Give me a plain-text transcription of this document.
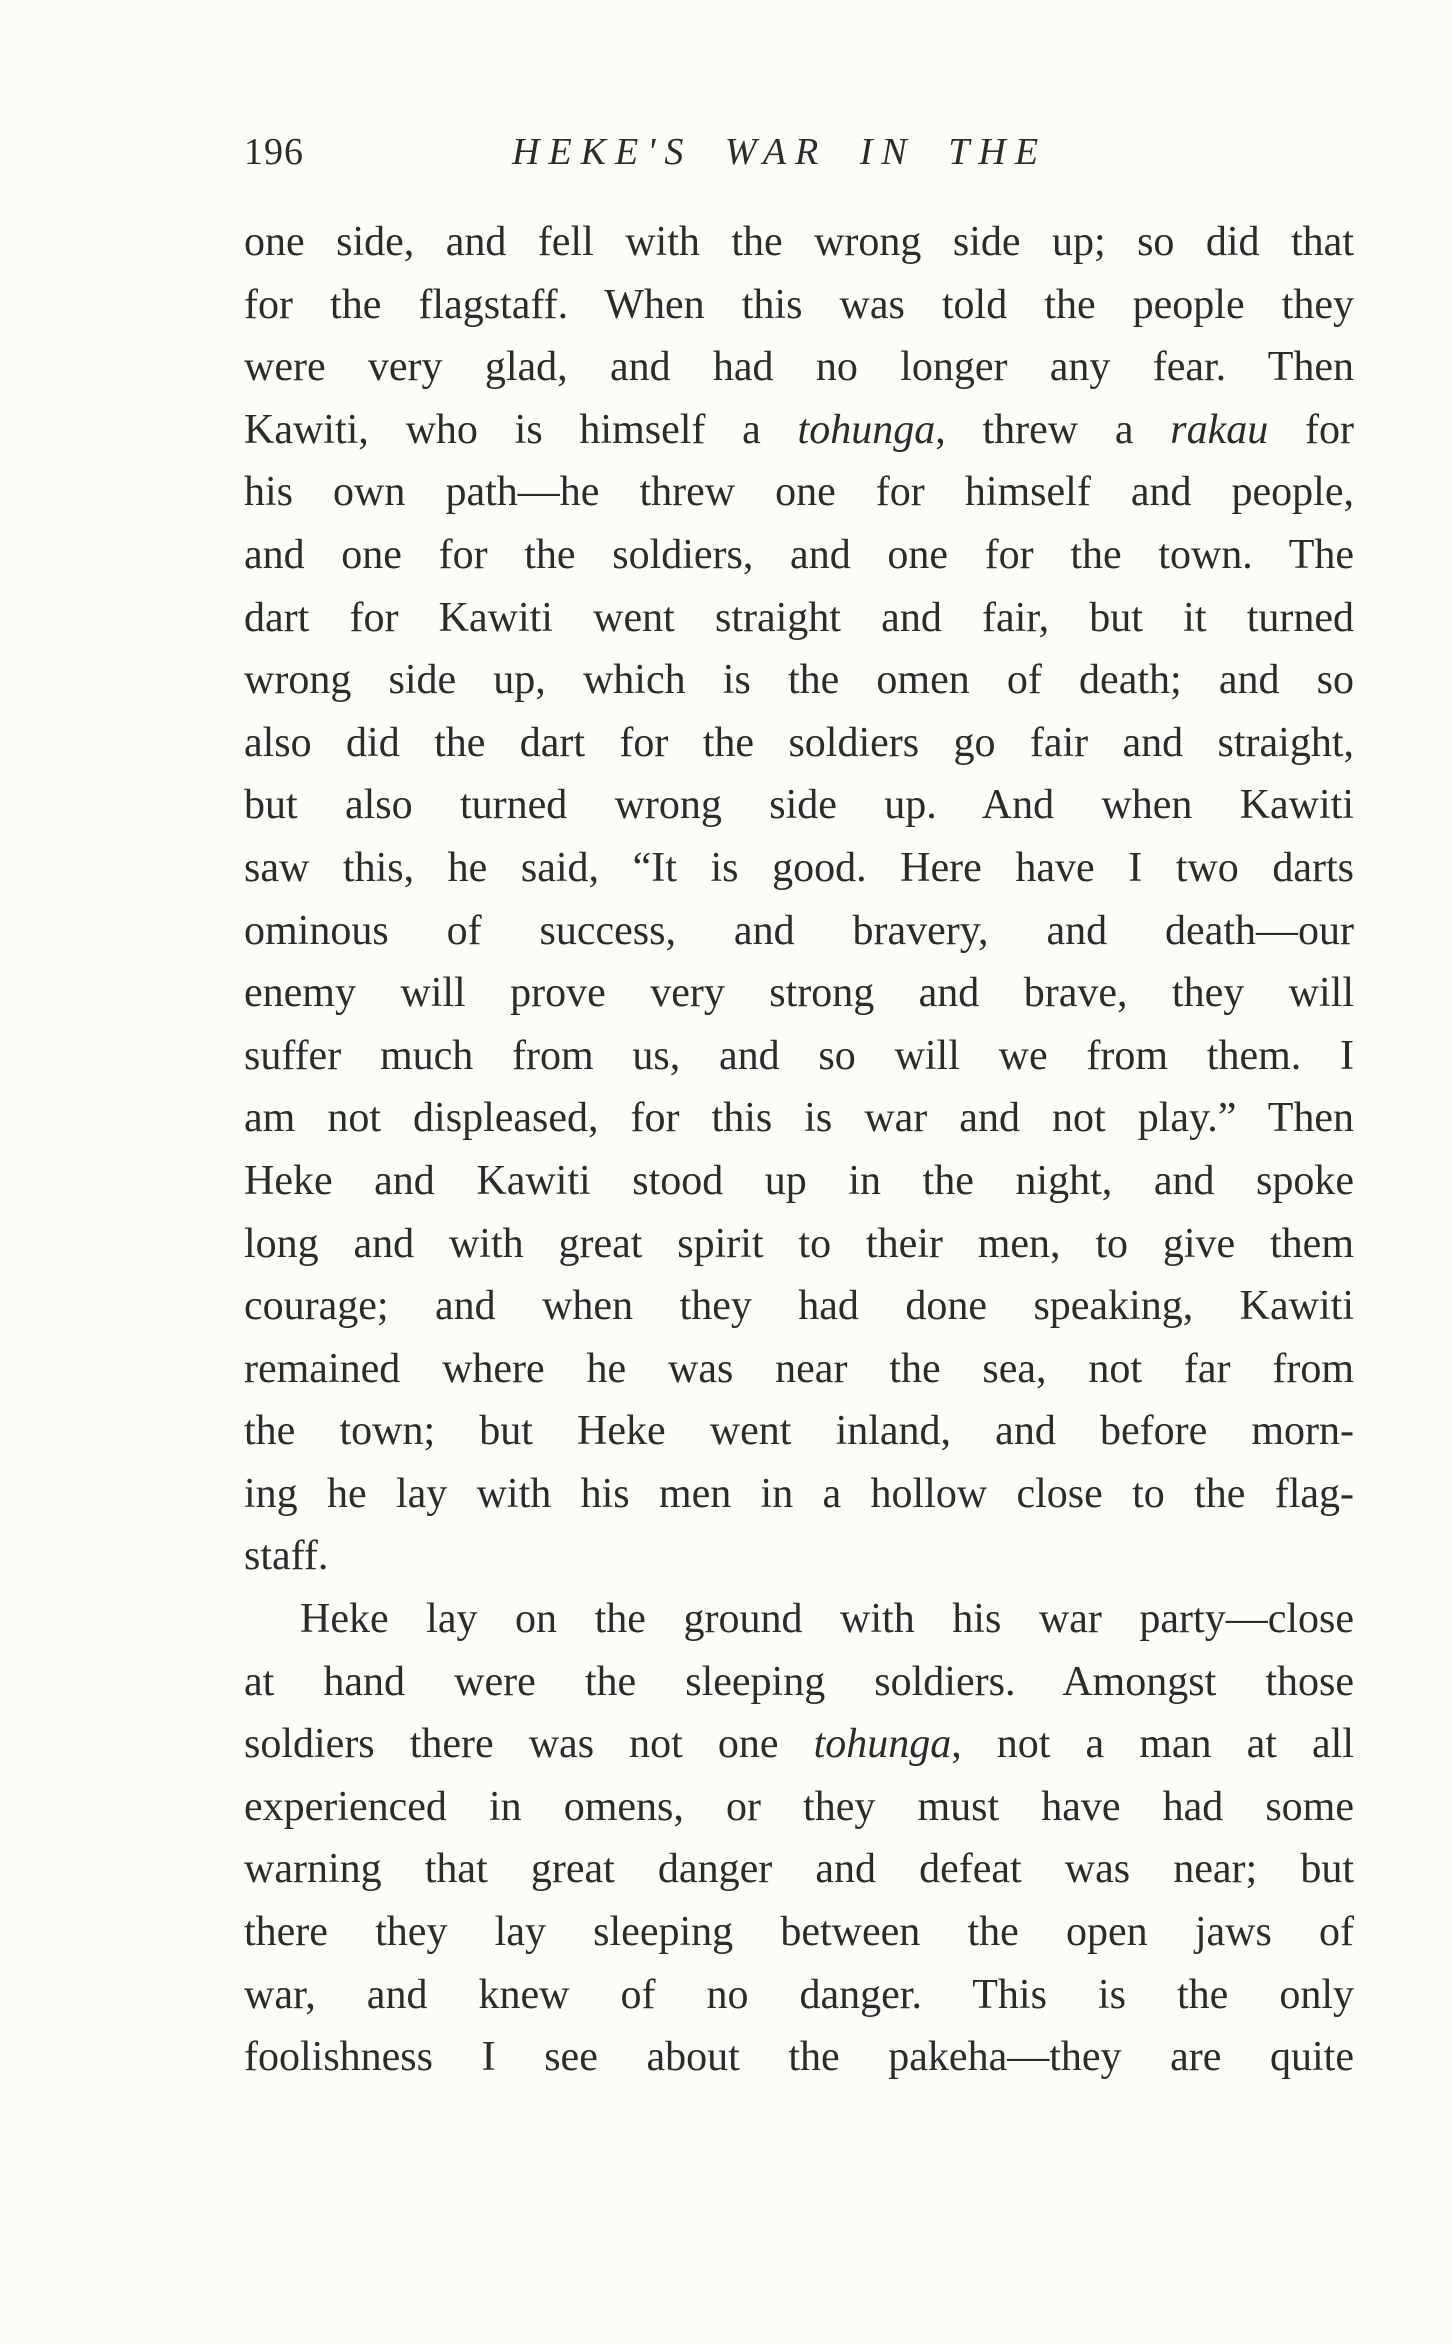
196	HEKE'S WAR IN THE
one side, and fell with the wrong side up; so did that
for the flagstaff. When this was told the people they
were very glad, and had no longer any fear. Then
Kawiti, who is himself a tohunga, threw a rakau for
his own path—he threw one for himself and people,
and one for the soldiers, and one for the town. The
dart for Kawiti went straight and fair, but it turned
wrong side up, which is the omen of death; and so
also did the dart for the soldiers go fair and straight,
but also turned wrong side up. And when Kawiti
saw this, he said, “It is good. Here have I two darts
ominous of success, and bravery, and death—our
enemy will prove very strong and brave, they will
suffer much from us, and so will we from them. I
am not displeased, for this is war and not play.” Then
Heke and Kawiti stood up in the night, and spoke
long and with great spirit to their men, to give them
courage; and when they had done speaking, Kawiti
remained where he was near the sea, not far from
the town; but Heke went inland, and before morn-
ing he lay with his men in a hollow close to the flag-
staff.
Heke lay on the ground with his war party—close
at hand were the sleeping soldiers. Amongst those
soldiers there was not one tohunga, not a man at all
experienced in omens, or they must have had some
warning that great danger and defeat was near; but
there they lay sleeping between the open jaws of
war, and knew of no danger. This is the only
foolishness I see about the pakeha—they are quite
